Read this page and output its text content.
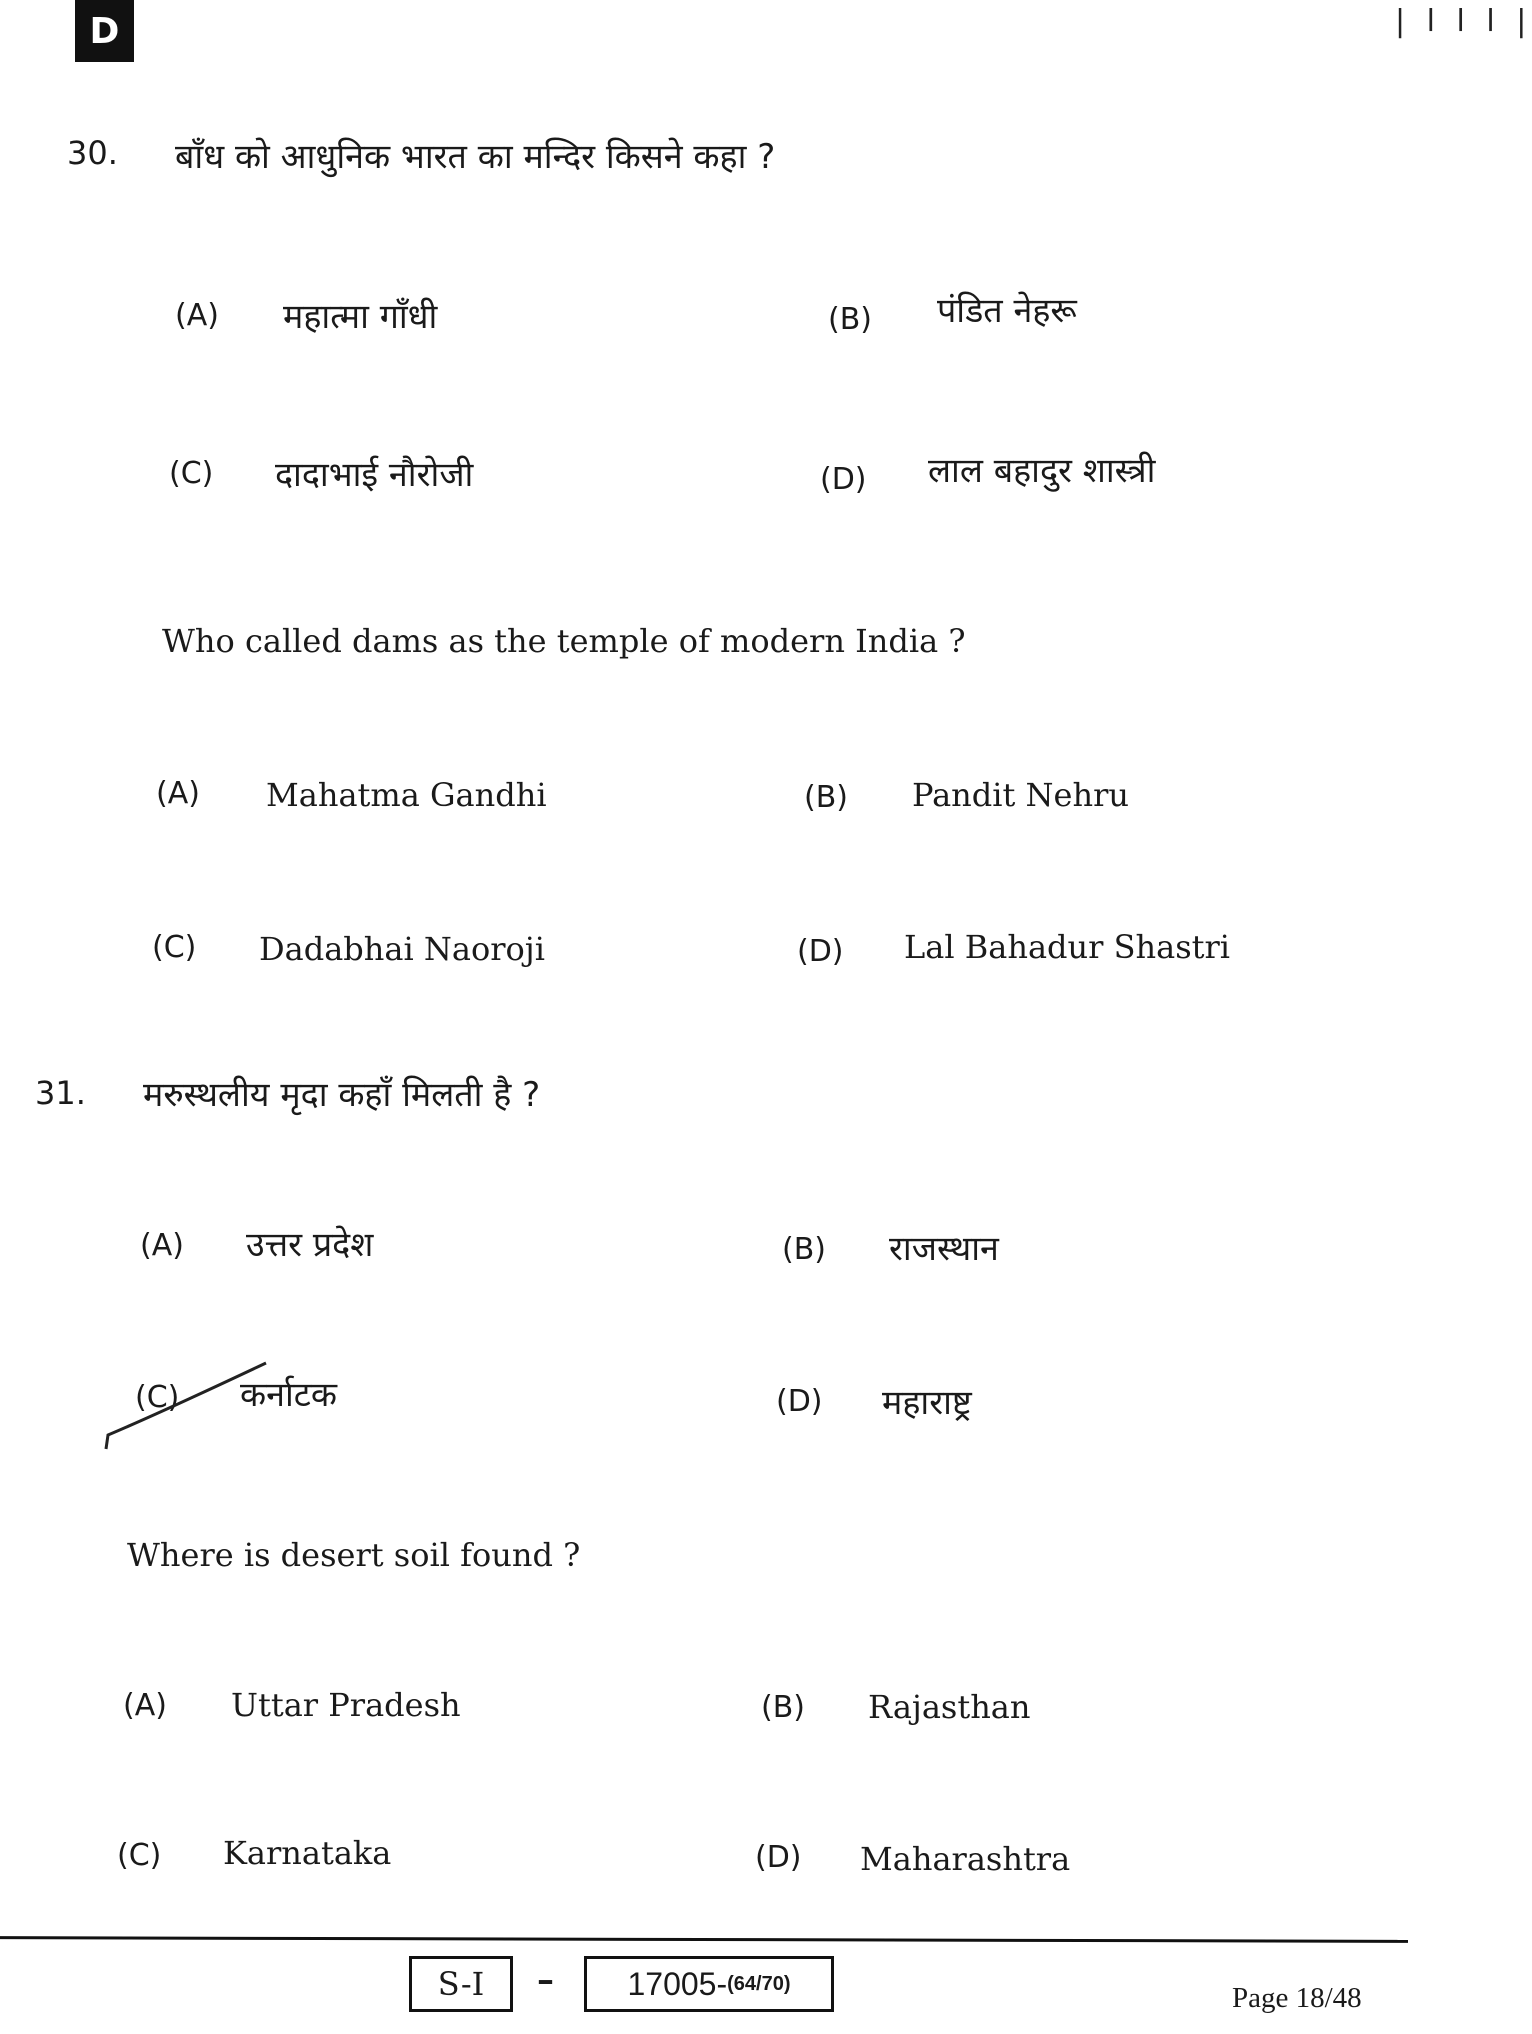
D	| l l l |
30. बाँध को आधुनिक भारत का मन्दिर किसने कहा ?
(A) महात्मा गाँधी	(B) पंडित नेहरू
(C) दादाभाई नौरोजी	(D) लाल बहादुर शास्त्री
Who called dams as the temple of modern India ?
(A) Mahatma Gandhi	(B) Pandit Nehru
(C) Dadabhai Naoroji	(D) Lal Bahadur Shastri
31. मरुस्थलीय मृदा कहाँ मिलती है ?
(A) उत्तर प्रदेश	(B) राजस्थान
(C) कर्नाटक	(D) महाराष्ट्र
Where is desert soil found ?
(A) Uttar Pradesh	(B) Rajasthan
(C) Karnataka	(D) Maharashtra
S-I	– 17005- (64/70)	Page 18/48
